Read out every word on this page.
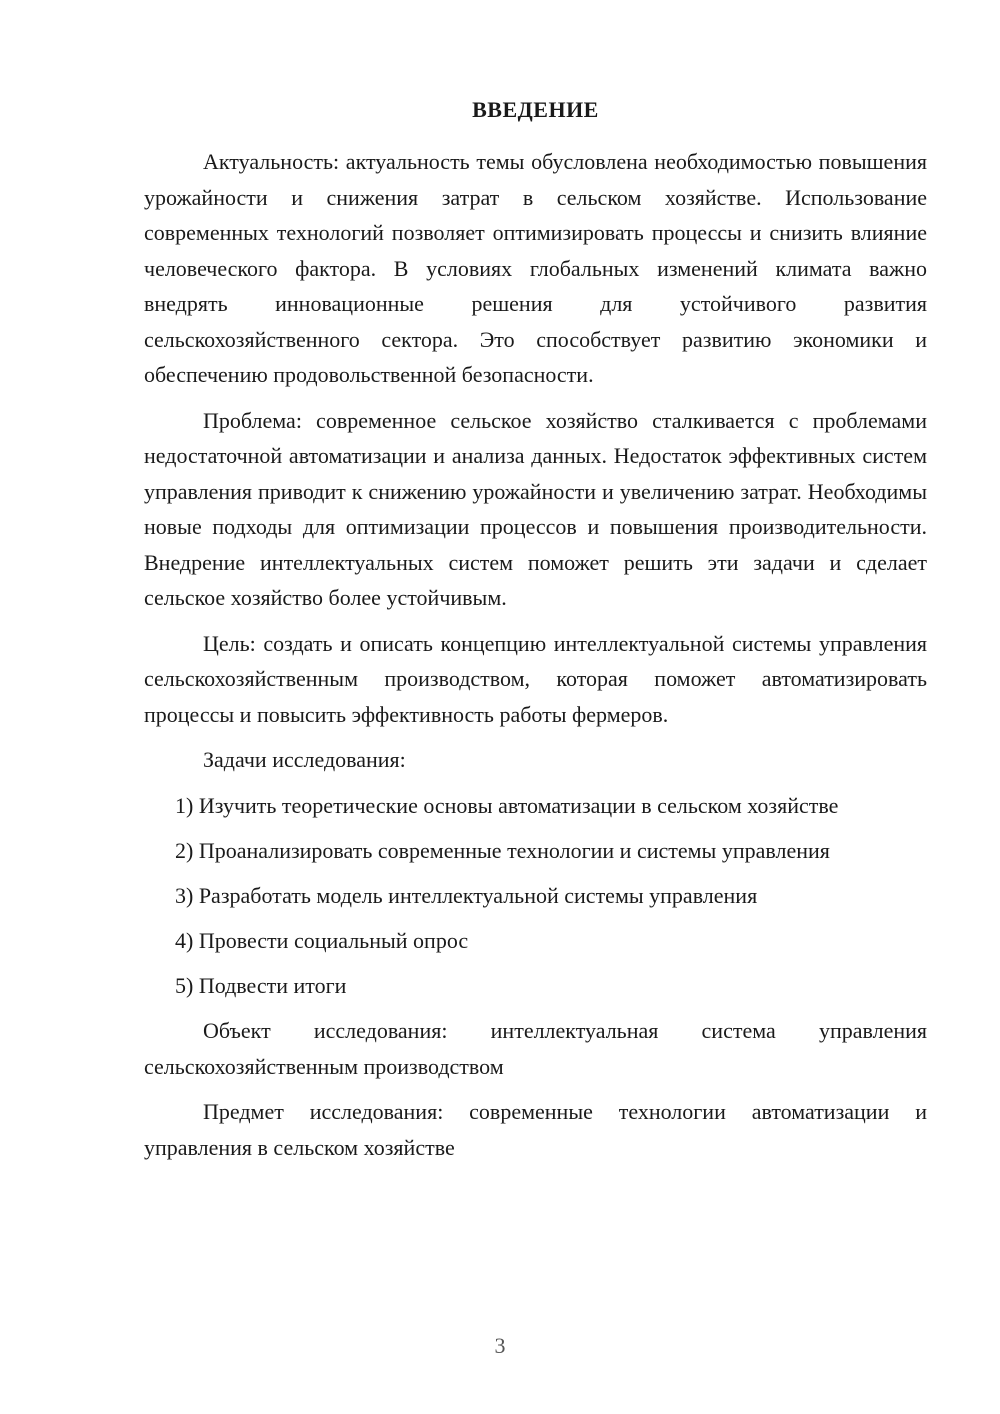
ВВЕДЕНИЕ

Актуальность: актуальность темы обусловлена необходимостью повышения урожайности и снижения затрат в сельском хозяйстве. Использование современных технологий позволяет оптимизировать процессы и снизить влияние человеческого фактора. В условиях глобальных изменений климата важно внедрять инновационные решения для устойчивого развития сельскохозяйственного сектора. Это способствует развитию экономики и обеспечению продовольственной безопасности.

Проблема: современное сельское хозяйство сталкивается с проблемами недостаточной автоматизации и анализа данных. Недостаток эффективных систем управления приводит к снижению урожайности и увеличению затрат. Необходимы новые подходы для оптимизации процессов и повышения производительности. Внедрение интеллектуальных систем поможет решить эти задачи и сделает сельское хозяйство более устойчивым.

Цель: создать и описать концепцию интеллектуальной системы управления сельскохозяйственным производством, которая поможет автоматизировать процессы и повысить эффективность работы фермеров.

Задачи исследования:

1) Изучить теоретические основы автоматизации в сельском хозяйстве
2) Проанализировать современные технологии и системы управления
3) Разработать модель интеллектуальной системы управления
4) Провести социальный опрос
5) Подвести итоги

Объект исследования: интеллектуальная система управления сельскохозяйственным производством

Предмет исследования: современные технологии автоматизации и управления в сельском хозяйстве

3
